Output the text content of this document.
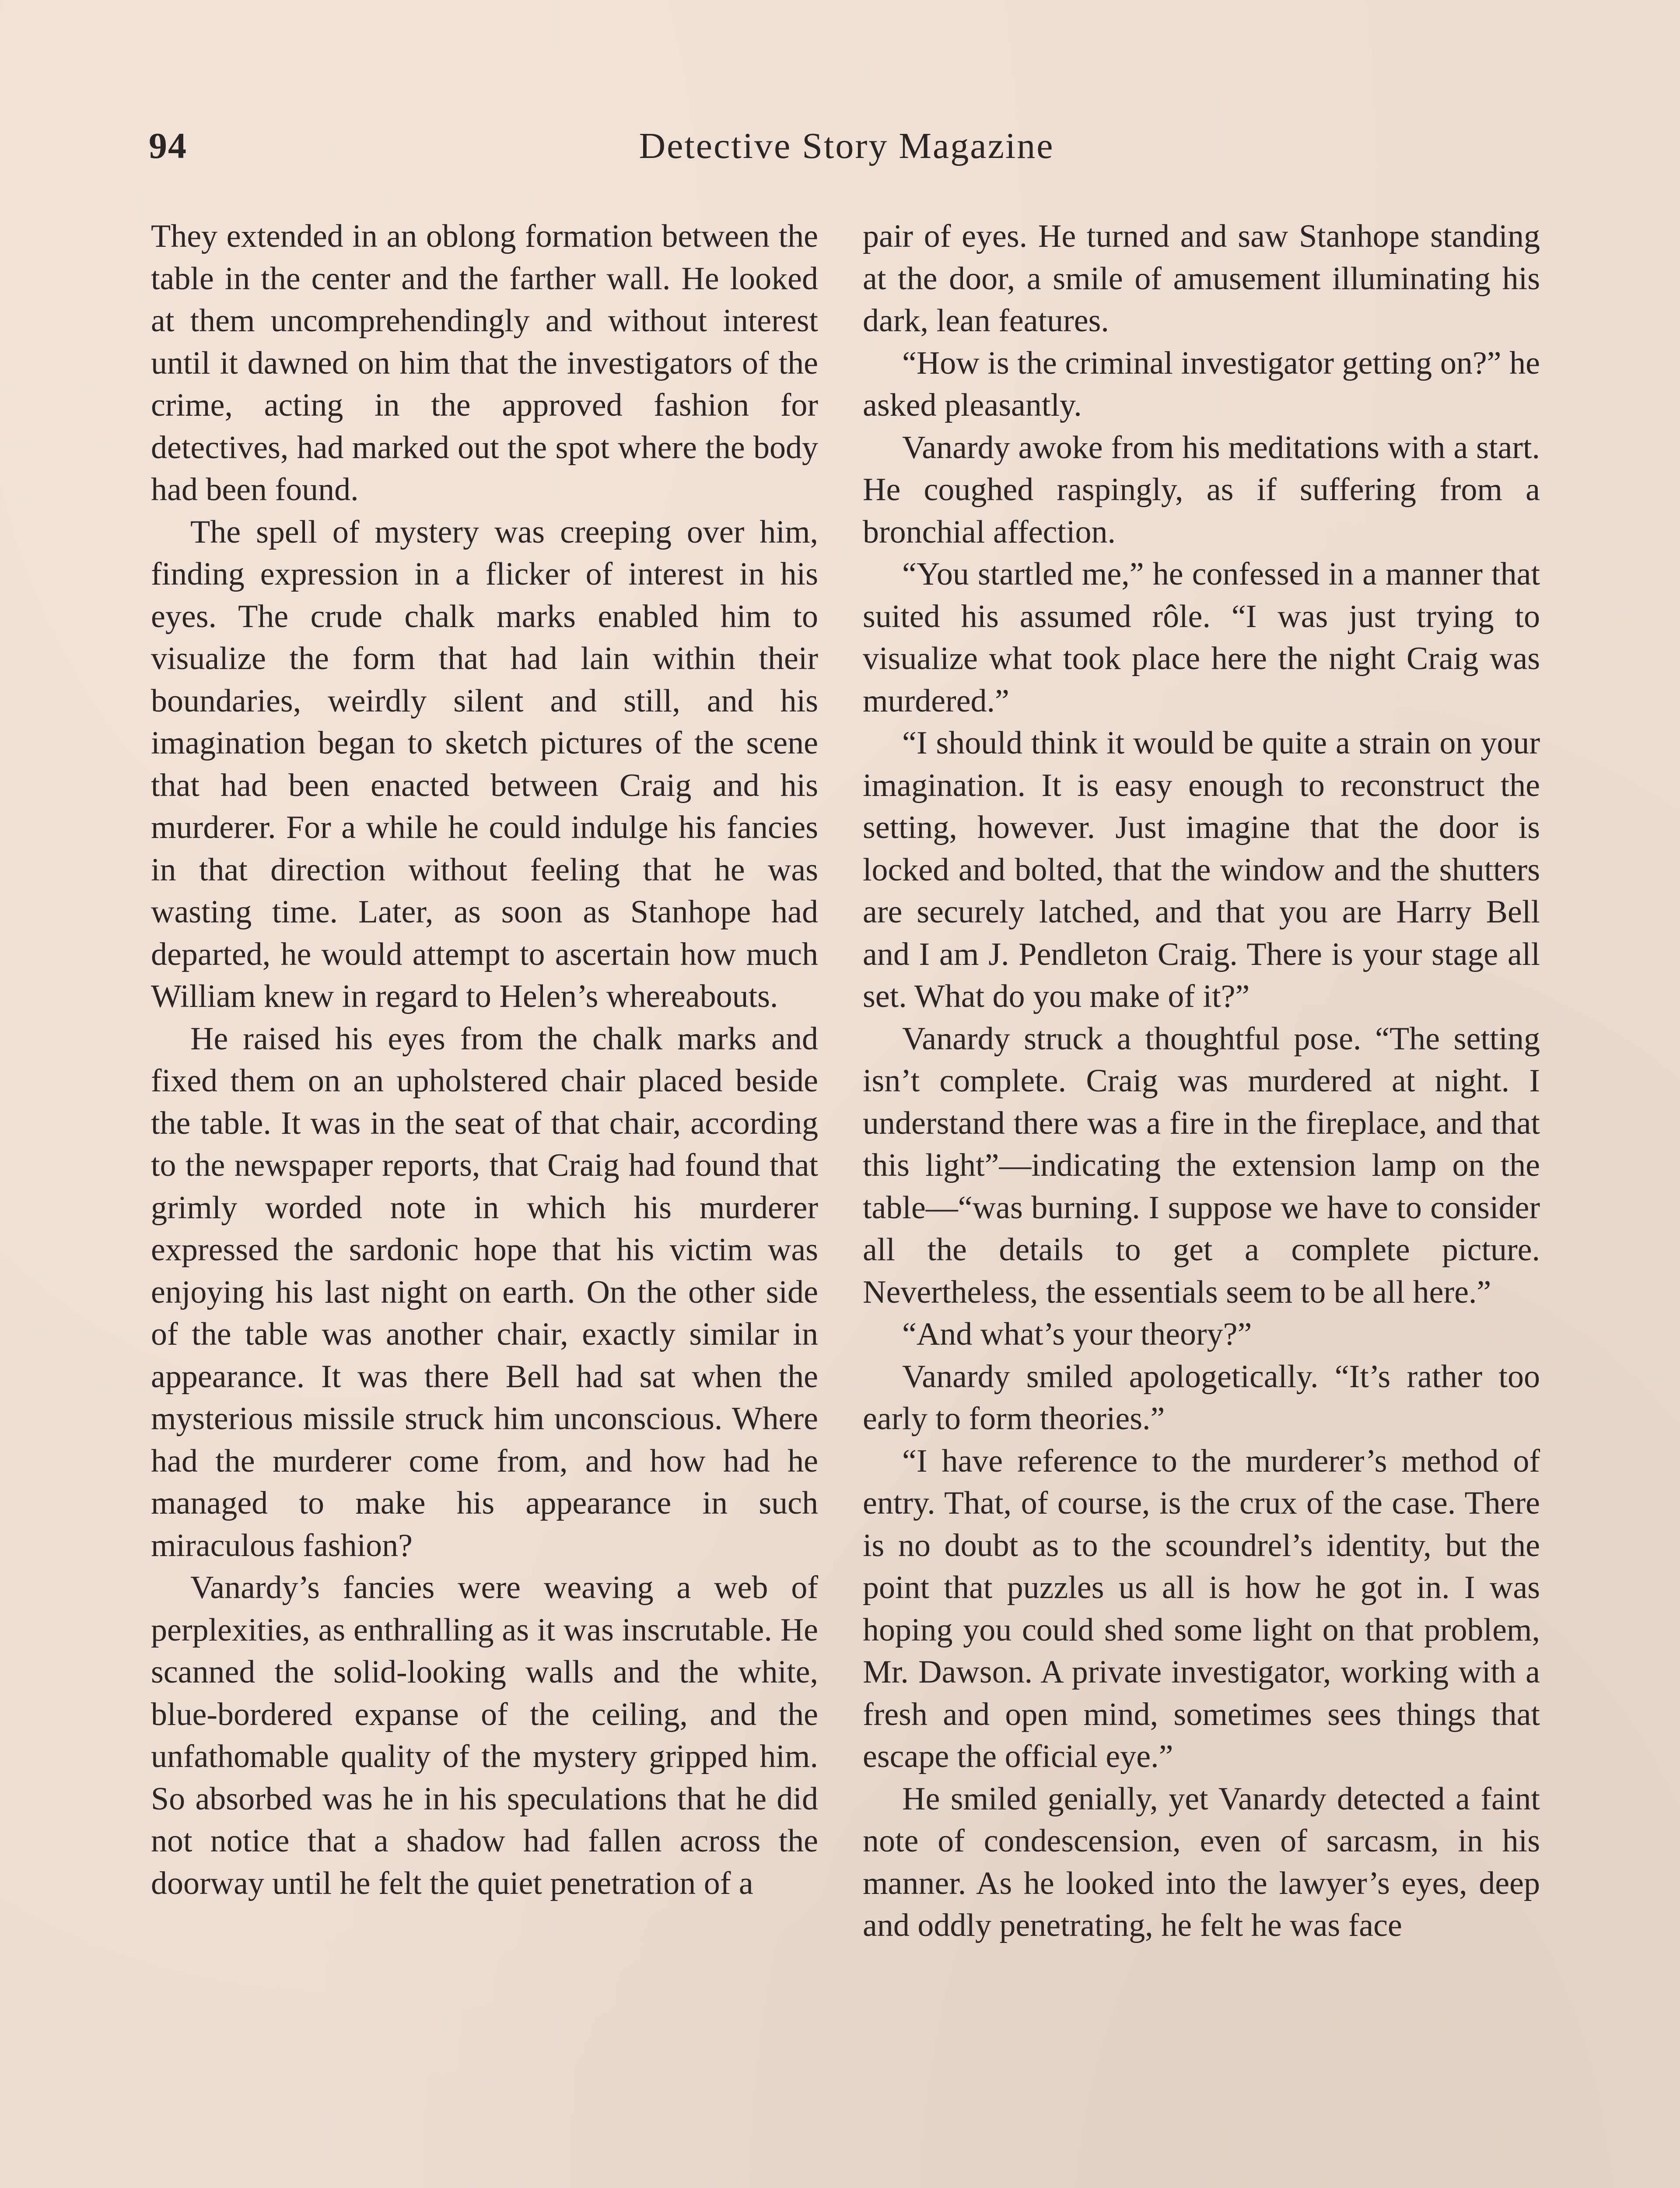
94	Detective Story Magazine

They extended in an oblong formation between the table in the center and the farther wall. He looked at them uncomprehendingly and without interest until it dawned on him that the investigators of the crime, acting in the approved fashion for detectives, had marked out the spot where the body had been found.

The spell of mystery was creeping over him, finding expression in a flicker of interest in his eyes. The crude chalk marks enabled him to visualize the form that had lain within their boundaries, weirdly silent and still, and his imagination began to sketch pictures of the scene that had been enacted between Craig and his murderer. For a while he could indulge his fancies in that direction without feeling that he was wasting time. Later, as soon as Stanhope had departed, he would attempt to ascertain how much William knew in regard to Helen’s whereabouts.

He raised his eyes from the chalk marks and fixed them on an upholstered chair placed beside the table. It was in the seat of that chair, according to the newspaper reports, that Craig had found that grimly worded note in which his murderer expressed the sardonic hope that his victim was enjoying his last night on earth. On the other side of the table was another chair, exactly similar in appearance. It was there Bell had sat when the mysterious missile struck him unconscious. Where had the murderer come from, and how had he managed to make his appearance in such miraculous fashion?

Vanardy’s fancies were weaving a web of perplexities, as enthralling as it was inscrutable. He scanned the solid-looking walls and the white, blue-bordered expanse of the ceiling, and the unfathomable quality of the mystery gripped him. So absorbed was he in his speculations that he did not notice that a shadow had fallen across the doorway until he felt the quiet penetration of a

pair of eyes. He turned and saw Stanhope standing at the door, a smile of amusement illuminating his dark, lean features.

“How is the criminal investigator getting on?” he asked pleasantly.

Vanardy awoke from his meditations with a start. He coughed raspingly, as if suffering from a bronchial affection.

“You startled me,” he confessed in a manner that suited his assumed rôle. “I was just trying to visualize what took place here the night Craig was murdered.”

“I should think it would be quite a strain on your imagination. It is easy enough to reconstruct the setting, however. Just imagine that the door is locked and bolted, that the window and the shutters are securely latched, and that you are Harry Bell and I am J. Pendleton Craig. There is your stage all set. What do you make of it?”

Vanardy struck a thoughtful pose. “The setting isn’t complete. Craig was murdered at night. I understand there was a fire in the fireplace, and that this light”—indicating the extension lamp on the table—“was burning. I suppose we have to consider all the details to get a complete picture. Nevertheless, the essentials seem to be all here.”

“And what’s your theory?”

Vanardy smiled apologetically. “It’s rather too early to form theories.”

“I have reference to the murderer’s method of entry. That, of course, is the crux of the case. There is no doubt as to the scoundrel’s identity, but the point that puzzles us all is how he got in. I was hoping you could shed some light on that problem, Mr. Dawson. A private investigator, working with a fresh and open mind, sometimes sees things that escape the official eye.”

He smiled genially, yet Vanardy detected a faint note of condescension, even of sarcasm, in his manner. As he looked into the lawyer’s eyes, deep and oddly penetrating, he felt he was face
